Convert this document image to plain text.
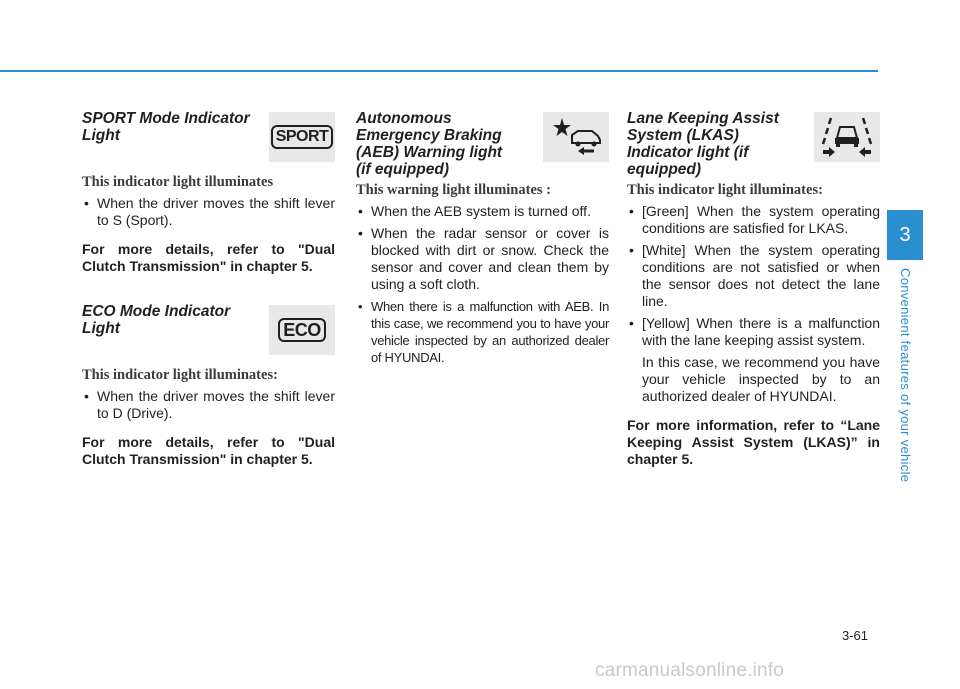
SPORT Mode Indicator Light	SPORT

This indicator light illuminates

• When the driver moves the shift lever to S (Sport).

For more details, refer to "Dual Clutch Transmission" in chapter 5.

ECO Mode Indicator Light	ECO

This indicator light illuminates:

• When the driver moves the shift lever to D (Drive).

For more details, refer to "Dual Clutch Transmission" in chapter 5.

Autonomous Emergency Braking (AEB) Warning light (if equipped)

This warning light illuminates :

• When the AEB system is turned off.
• When the radar sensor or cover is blocked with dirt or snow. Check the sensor and cover and clean them by using a soft cloth.
• When there is a malfunction with AEB. In this case, we recommend you to have your vehicle inspected by an authorized dealer of HYUNDAI.

Lane Keeping Assist System (LKAS) Indicator light (if equipped)

This indicator light illuminates:

• [Green] When the system operating conditions are satisfied for LKAS.
• [White] When the system operating conditions are not satisfied or when the sensor does not detect the lane line.
• [Yellow] When there is a malfunction with the lane keeping assist system.

In this case, we recommend you have your vehicle inspected by to an authorized dealer of HYUNDAI.

For more information, refer to “Lane Keeping Assist System (LKAS)” in chapter 5.

3
Convenient features of your vehicle
3-61
carmanualsonline.info
